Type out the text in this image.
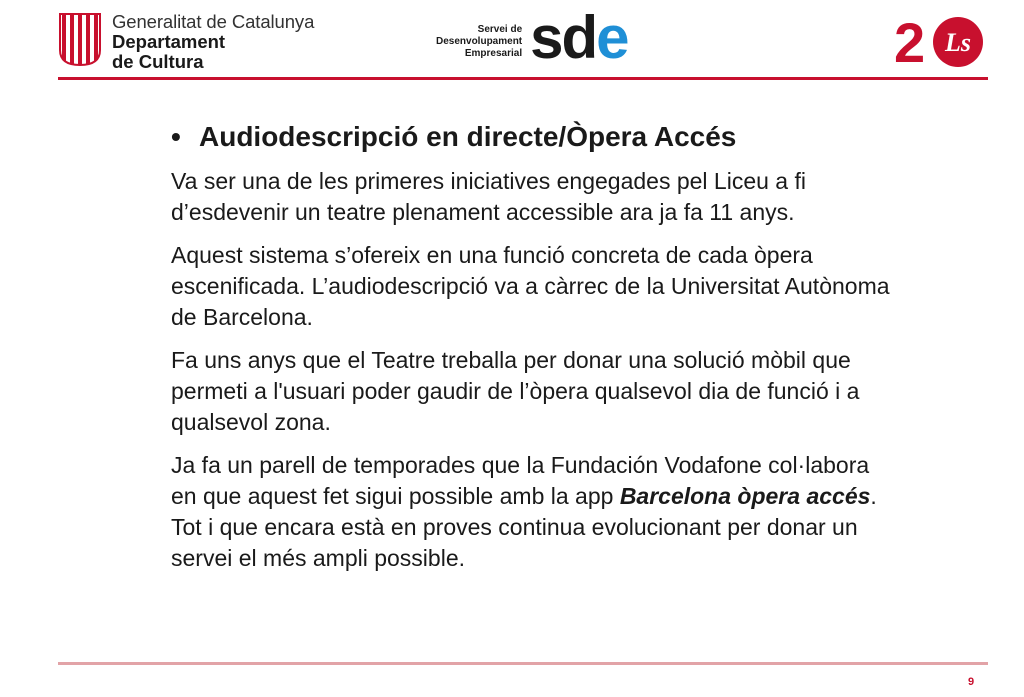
Generalitat de Catalunya
Departament
de Cultura
Servei de
Desenvolupament
Empresarial sde	2 Ls
• Audiodescripció en directe/Òpera Accés

Va ser una de les primeres iniciatives engegades pel Liceu a fi d’esdevenir un teatre plenament accessible ara ja fa 11 anys.

Aquest sistema s’ofereix en una funció concreta de cada òpera escenificada. L’audiodescripció va a càrrec de la Universitat Autònoma de Barcelona.

Fa uns anys que el Teatre treballa per donar una solució mòbil que permeti a l'usuari poder gaudir de l’òpera qualsevol dia de funció i a qualsevol zona.

Ja fa un parell de temporades que la Fundación Vodafone col·labora en que aquest fet sigui possible amb la app Barcelona òpera accés. Tot i que encara està en proves continua evolucionant per donar un servei el més ampli possible.

9
